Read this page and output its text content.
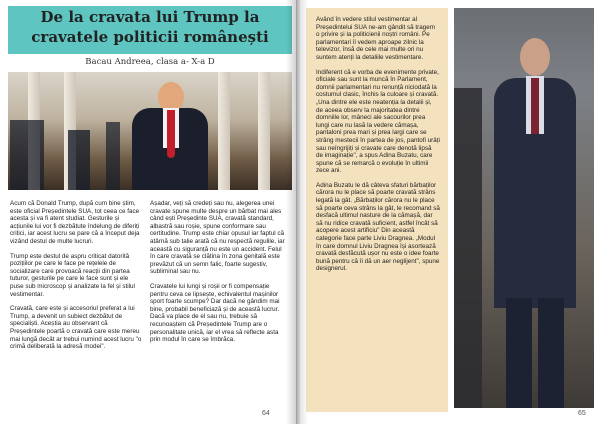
De la cravata lui Trump la cravatele politicii românești
Bacau Andreea, clasa a- X-a D

Acum că Donald Trump, după cum bine știm, este oficial Președintele SUA, tot ceea ce face acesta și va fi atent studiat. Gesturile și acțiunile lui vor fi dezbătute îndelung de diferiți critici, iar acest lucru se pare că a început deja vizând destul de multe lucruri.

Trump este destul de aspru criticat datorită pozițiilor pe care le face pe rețelele de socializare care provoacă reacții din partea tuturor, gesturile pe care le face sunt și ele puse sub microscop și analizate la fel și stilul vestimentar.

Cravată, care este și accesoriul preferat a lui Trump, a devenit un subiect dezbătut de specialiști. Aceștia au observant că Președintele poartă o cravată care este mereu mai lungă decât ar trebui numind acest lucru "o crimă deliberată la adresă modei".

Așadar, veți să credeți sau nu, alegerea unei cravate spune multe despre un bărbat mai ales când ești Președinte SUA, cravată standard, albastră sau roșie, spune conformare sau certitudine. Trump este chiar opusul iar faptul că atârnă sub talie arată că nu respectă regulile, iar această cu siguranță nu este un accident. Felul în care cravată se clătina în zona genitală este prevăzut că un semn falic, foarte sugestiv, subliminal sau nu.

Cravatele lui lungi și roșii or fi compensație pentru ceva ce lipsește, echivalentul mașinilor sport foarte scumpe? Dar dacă ne gândim mai bine, probabil beneficiază și de această lucrur. Dacă va place de el sau nu, trebuie să recunoaștem că Președintele Trump are o personalitate unică, iar el vrea să reflecte asta prin modul în care se îmbrăca.

64

Având în vedere stilul vestimentar al Președintelui SUA ne-am gândit să tragem o privire și la politicienii noștri români. Pe parlamentari îi vedem aproape zilnic la televizor, însă de cele mai multe ori nu suntem atenți la detaliile vestimentare.

Indiferent că e vorba de evenimente private, oficiale sau sunt la muncă în Parlament, domnii parlamentari nu renunță niciodată la costumul clasic, închis la culoare și cravată. „Una dintre ele este neatenția la detalii și, de aceea observ la majoritatea dintre domniile lor, mâneci ale sacourilor prea lungi care nu lasă la vedere cămașa, pantaloni prea mari și prea largi care se strâng mestecii în partea de jos, pantofi urâți sau neîngrijiți și cravate care denotă lipsă de imaginație", a spus Adina Buzatu, care spune că se remarcă o evoluție în ultimii zece ani.

Adina Buzatu le dă câteva sfaturi bărbaților cărora nu le place să poarte cravată strâns legată la gât. „Bărbaților cărora nu le place să poarte ceva strâns la gât, le recomand să desfacă ultimul nasture de la cămașă, dar să nu ridice cravată suficient, astfel încât să acopere acest artificiu" Din această categorie face parte Liviu Dragnea. „Modul în care domnul Liviu Dragnea își asortează cravată desfăcută ușor nu este o idee foarte bună pentru că îi dă un aer neglijent", spune designerul.

65
